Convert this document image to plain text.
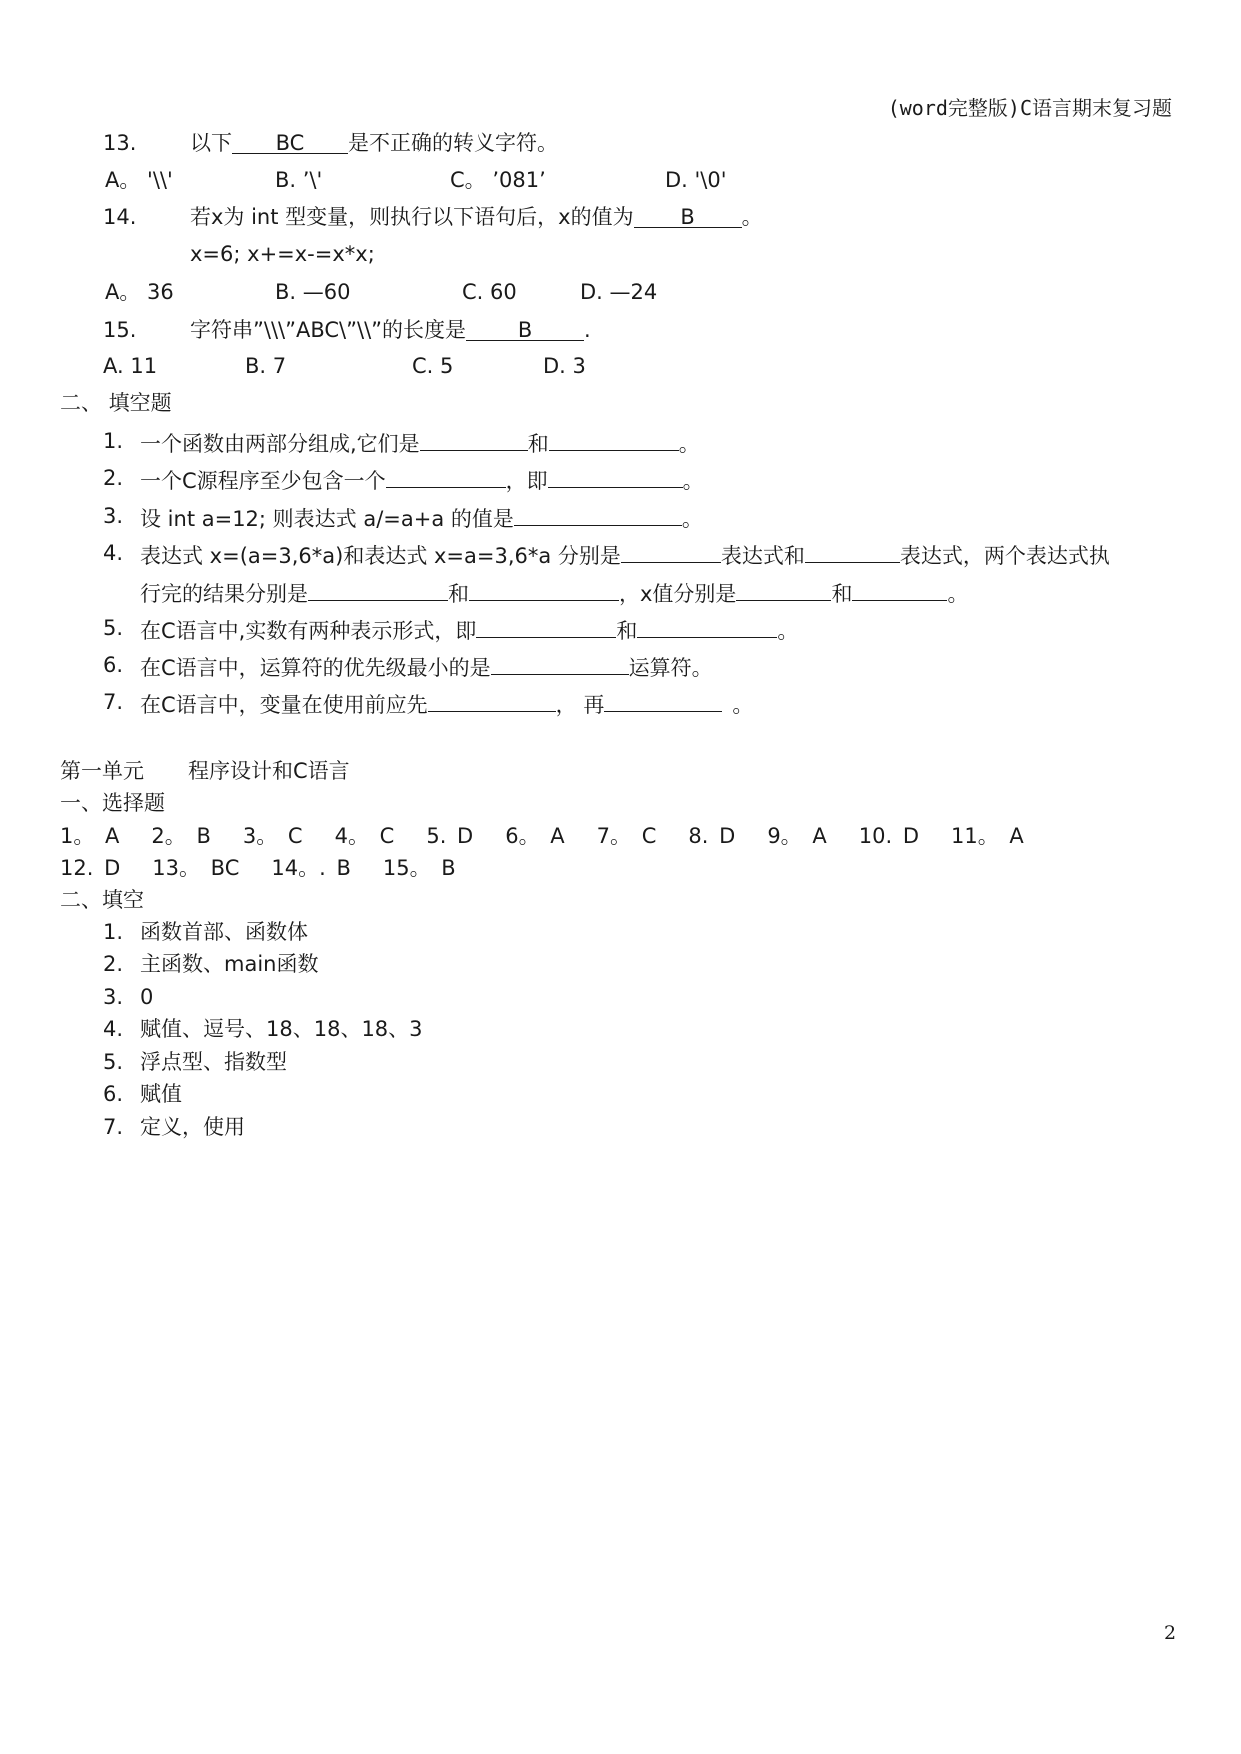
(word完整版)C语言期末复习题
13.	以下 BC 是不正确的转义字符。
A。 '\\'	B. ’\'	C。 ’081’	D. '\0'
14.	若x为 int 型变量，则执行以下语句后，x的值为 B 。
x=6; x+=x-=x*x;
A。 36	B. —60	C. 60	D. —24
15.	字符串”\\\”ABC\”\\”的长度是 B .
A. 11	B. 7	C. 5	D. 3
二、 填空题
1. 一个函数由两部分组成,它们是	和	。
2. 一个C源程序至少包含一个	，即	。
3. 设 int a=12; 则表达式 a/=a+a 的值是	。
4. 表达式 x=(a=3,6*a)和表达式 x=a=3,6*a 分别是	表达式和	表达式，两个表达式执
行完的结果分别是	和	，x值分别是	和	。
5. 在C语言中,实数有两种表示形式，即	和	。
6. 在C语言中，运算符的优先级最小的是	运算符。
7. 在C语言中，变量在使用前应先	， 再	。
第一单元 程序设计和C语言
一、选择题
1。 A   2。 B   3。 C   4。 C   5. D   6。 A   7。 C   8. D   9。 A   10. D   11。 A
12. D   13。 BC   14。. B   15。 B
二、填空
1. 函数首部、函数体
2. 主函数、main函数
3. 0
4. 赋值、逗号、18、18、18、3
5. 浮点型、指数型
6. 赋值
7. 定义，使用
2
